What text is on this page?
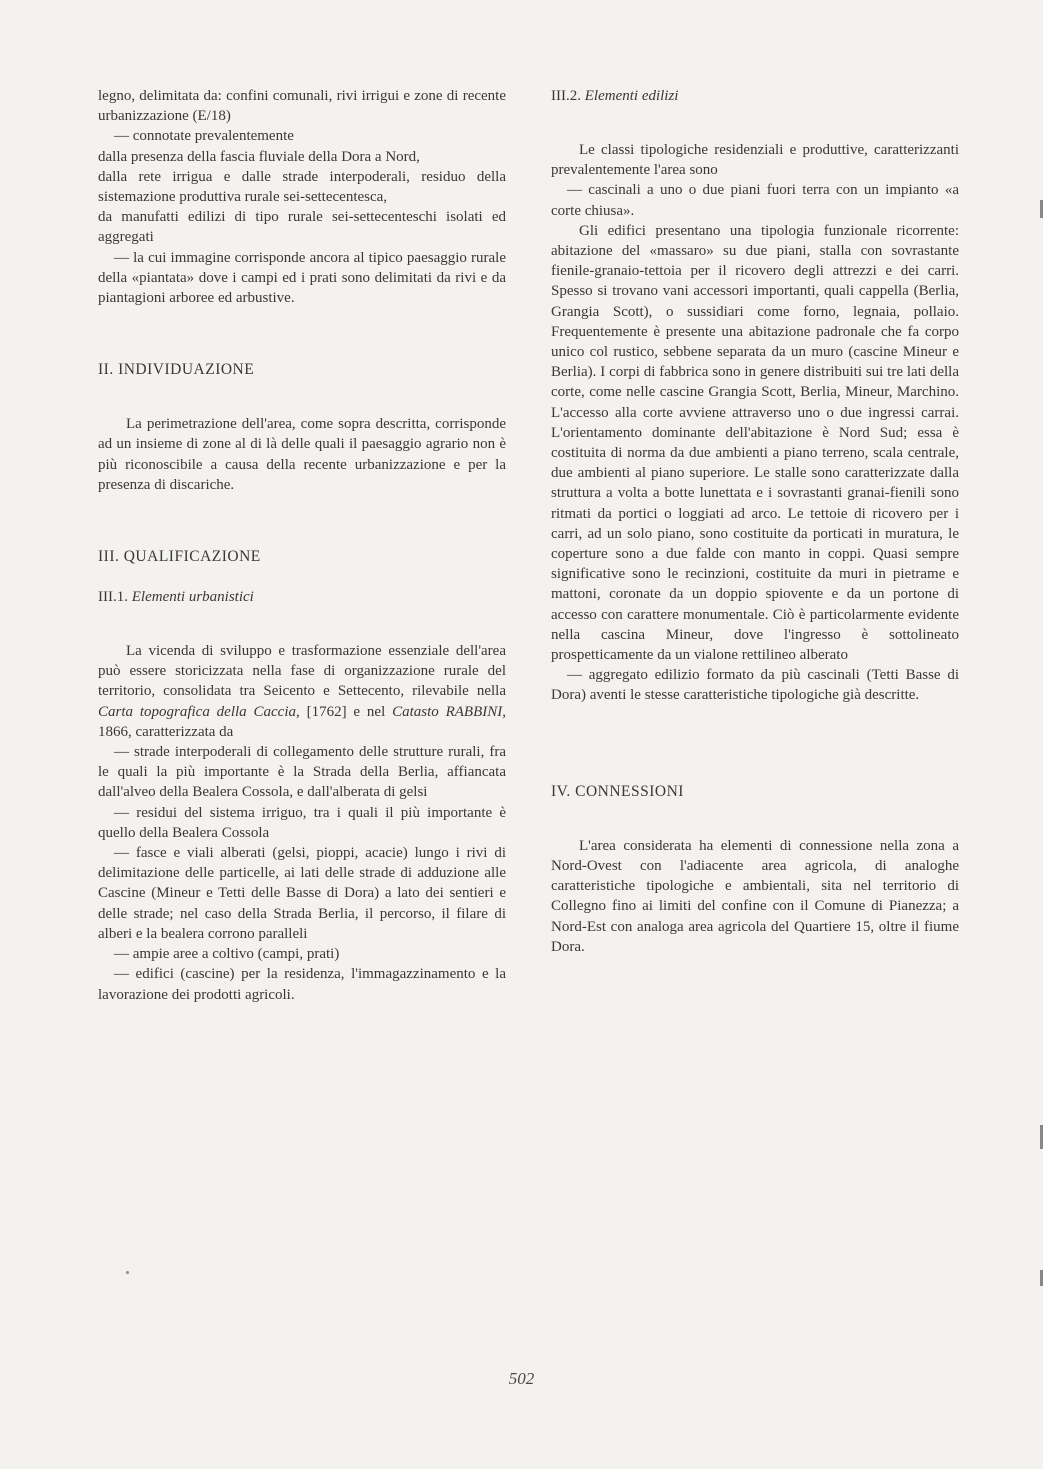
legno, delimitata da: confini comunali, rivi irrigui e zone di recente urbanizzazione (E/18)

— connotate prevalentemente

dalla presenza della fascia fluviale della Dora a Nord,

dalla rete irrigua e dalle strade interpoderali, residuo della sistemazione produttiva rurale sei-settecentesca,

da manufatti edilizi di tipo rurale sei-settecenteschi isolati ed aggregati

— la cui immagine corrisponde ancora al tipico paesaggio rurale della «piantata» dove i campi ed i prati sono delimitati da rivi e da piantagioni arboree ed arbustive.

II. INDIVIDUAZIONE

La perimetrazione dell'area, come sopra descritta, corrisponde ad un insieme di zone al di là delle quali il paesaggio agrario non è più riconoscibile a causa della recente urbanizzazione e per la presenza di discariche.

III. QUALIFICAZIONE
III.1. Elementi urbanistici

La vicenda di sviluppo e trasformazione essenziale dell'area può essere storicizzata nella fase di organizzazione rurale del territorio, consolidata tra Seicento e Settecento, rilevabile nella Carta topografica della Caccia, [1762] e nel Catasto RABBINI, 1866, caratterizzata da

— strade interpoderali di collegamento delle strutture rurali, fra le quali la più importante è la Strada della Berlia, affiancata dall'alveo della Bealera Cossola, e dall'alberata di gelsi

— residui del sistema irriguo, tra i quali il più importante è quello della Bealera Cossola

— fasce e viali alberati (gelsi, pioppi, acacie) lungo i rivi di delimitazione delle particelle, ai lati delle strade di adduzione alle Cascine (Mineur e Tetti delle Basse di Dora) a lato dei sentieri e delle strade; nel caso della Strada Berlia, il percorso, il filare di alberi e la bealera corrono paralleli

— ampie aree a coltivo (campi, prati)

— edifici (cascine) per la residenza, l'immagazzinamento e la lavorazione dei prodotti agricoli.

III.2. Elementi edilizi

Le classi tipologiche residenziali e produttive, caratterizzanti prevalentemente l'area sono

— cascinali a uno o due piani fuori terra con un impianto «a corte chiusa».

Gli edifici presentano una tipologia funzionale ricorrente: abitazione del «massaro» su due piani, stalla con sovrastante fienile-granaio-tettoia per il ricovero degli attrezzi e dei carri. Spesso si trovano vani accessori importanti, quali cappella (Berlia, Grangia Scott), o sussidiari come forno, legnaia, pollaio. Frequentemente è presente una abitazione padronale che fa corpo unico col rustico, sebbene separata da un muro (cascine Mineur e Berlia). I corpi di fabbrica sono in genere distribuiti sui tre lati della corte, come nelle cascine Grangia Scott, Berlia, Mineur, Marchino. L'accesso alla corte avviene attraverso uno o due ingressi carrai. L'orientamento dominante dell'abitazione è Nord Sud; essa è costituita di norma da due ambienti a piano terreno, scala centrale, due ambienti al piano superiore. Le stalle sono caratterizzate dalla struttura a volta a botte lunettata e i sovrastanti granai-fienili sono ritmati da portici o loggiati ad arco. Le tettoie di ricovero per i carri, ad un solo piano, sono costituite da porticati in muratura, le coperture sono a due falde con manto in coppi. Quasi sempre significative sono le recinzioni, costituite da muri in pietrame e mattoni, coronate da un doppio spiovente e da un portone di accesso con carattere monumentale. Ciò è particolarmente evidente nella cascina Mineur, dove l'ingresso è sottolineato prospetticamente da un vialone rettilineo alberato

— aggregato edilizio formato da più cascinali (Tetti Basse di Dora) aventi le stesse caratteristiche tipologiche già descritte.

IV. CONNESSIONI

L'area considerata ha elementi di connessione nella zona a Nord-Ovest con l'adiacente area agricola, di analoghe caratteristiche tipologiche e ambientali, sita nel territorio di Collegno fino ai limiti del confine con il Comune di Pianezza; a Nord-Est con analoga area agricola del Quartiere 15, oltre il fiume Dora.

502
